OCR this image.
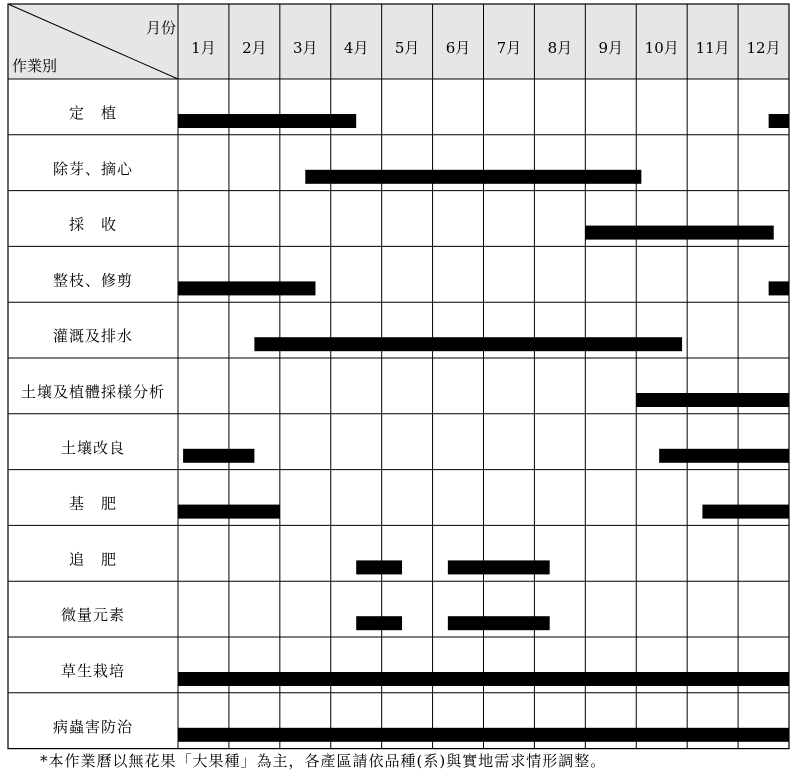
月份
作業別
1月 2月 3月 4月 5月 6月 7月 8月 9月 10月 11月 12月
定　植
除芽、摘心
採　收
整枝、修剪
灌溉及排水
土壤及植體採樣分析
土壤改良
基　肥
追　肥
微量元素
草生栽培
病蟲害防治
*本作業曆以無花果「大果種」為主，各產區請依品種(系)與實地需求情形調整。
